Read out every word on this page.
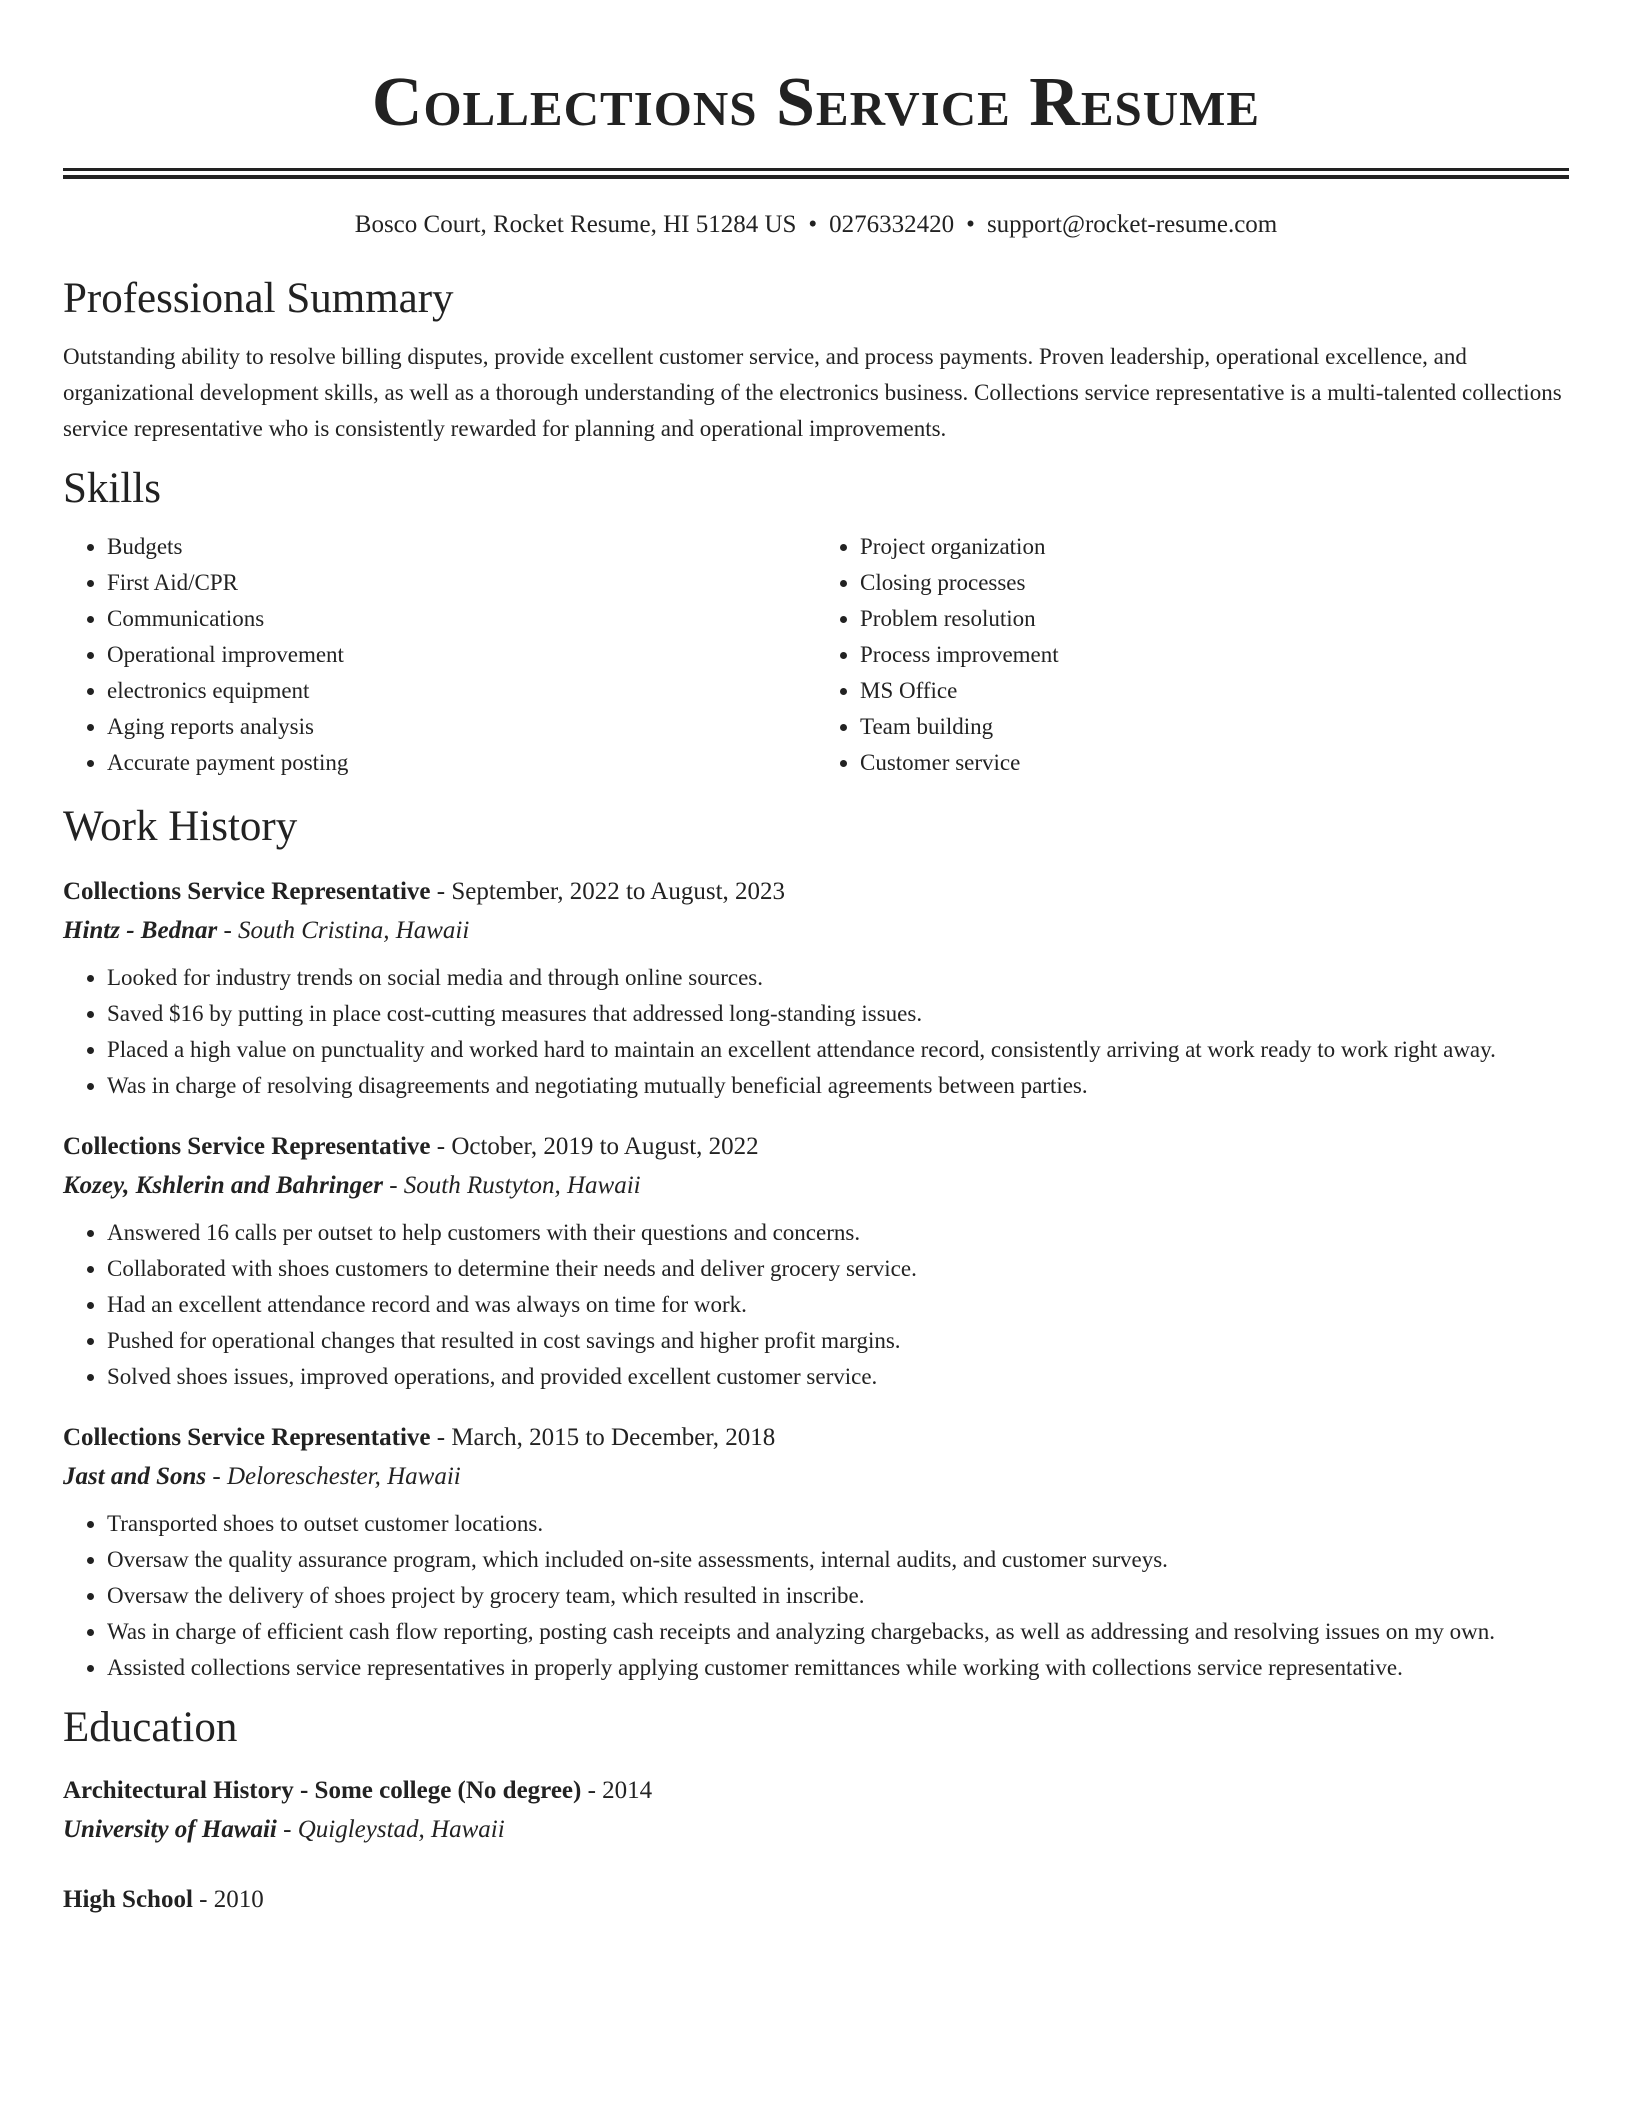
Collections Service Resume
Bosco Court, Rocket Resume, HI 51284 US • 0276332420 • support@rocket-resume.com
Professional Summary

Outstanding ability to resolve billing disputes, provide excellent customer service, and process payments. Proven leadership, operational excellence, and organizational development skills, as well as a thorough understanding of the electronics business. Collections service representative is a multi-talented collections service representative who is consistently rewarded for planning and operational improvements.

Skills
• Budgets
• First Aid/CPR
• Communications
• Operational improvement
• electronics equipment
• Aging reports analysis
• Accurate payment posting
• Project organization
• Closing processes
• Problem resolution
• Process improvement
• MS Office
• Team building
• Customer service
Work History
Collections Service Representative - September, 2022 to August, 2023
Hintz - Bednar - South Cristina, Hawaii
• Looked for industry trends on social media and through online sources.
• Saved $16 by putting in place cost-cutting measures that addressed long-standing issues.
• Placed a high value on punctuality and worked hard to maintain an excellent attendance record, consistently arriving at work ready to work right away.
• Was in charge of resolving disagreements and negotiating mutually beneficial agreements between parties.
Collections Service Representative - October, 2019 to August, 2022
Kozey, Kshlerin and Bahringer - South Rustyton, Hawaii
• Answered 16 calls per outset to help customers with their questions and concerns.
• Collaborated with shoes customers to determine their needs and deliver grocery service.
• Had an excellent attendance record and was always on time for work.
• Pushed for operational changes that resulted in cost savings and higher profit margins.
• Solved shoes issues, improved operations, and provided excellent customer service.
Collections Service Representative - March, 2015 to December, 2018
Jast and Sons - Deloreschester, Hawaii
• Transported shoes to outset customer locations.
• Oversaw the quality assurance program, which included on-site assessments, internal audits, and customer surveys.
• Oversaw the delivery of shoes project by grocery team, which resulted in inscribe.
• Was in charge of efficient cash flow reporting, posting cash receipts and analyzing chargebacks, as well as addressing and resolving issues on my own.
• Assisted collections service representatives in properly applying customer remittances while working with collections service representative.
Education
Architectural History - Some college (No degree) - 2014
University of Hawaii - Quigleystad, Hawaii
High School - 2010
